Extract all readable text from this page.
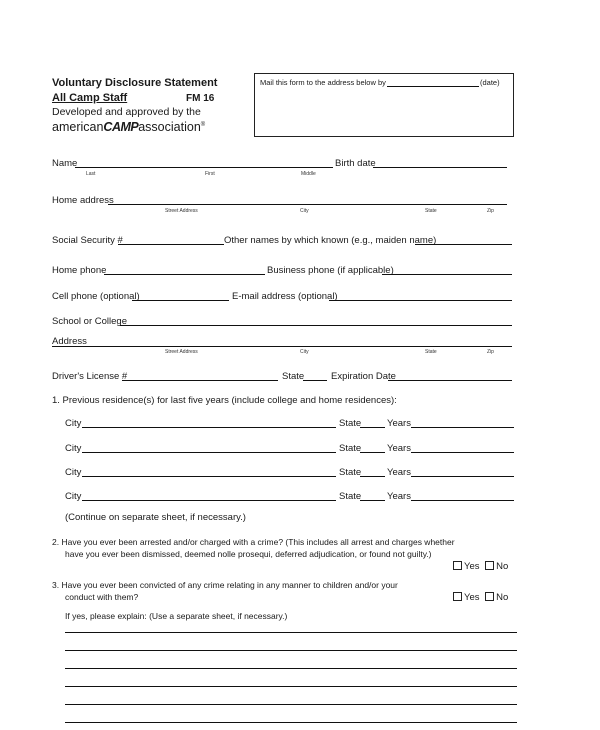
Voluntary Disclosure Statement
All Camp Staff	FM 16
Developed and approved by the
americanCAMPassociation®
Mail this form to the address below by	(date)
Name	Birth date
Last	First	Middle
Home address
Street Address	City	State	Zip
Social Security #	Other names by which known (e.g., maiden name)
Home phone	Business phone (if applicable)
Cell phone (optional)	E-mail address (optional)
School or College
Address
Street Address	City	State	Zip
Driver's License #	State	Expiration Date
1. Previous residence(s) for last five years (include college and home residences):
City	State	Years
City	State	Years
City	State	Years
City	State	Years
(Continue on separate sheet, if necessary.)
2. Have you ever been arrested and/or charged with a crime? (This includes all arrest and charges whether
have you ever been dismissed, deemed nolle prosequi, deferred adjudication, or found not guilty.)
Yes No
3. Have you ever been convicted of any crime relating in any manner to children and/or your
conduct with them?	Yes No
If yes, please explain: (Use a separate sheet, if necessary.)
